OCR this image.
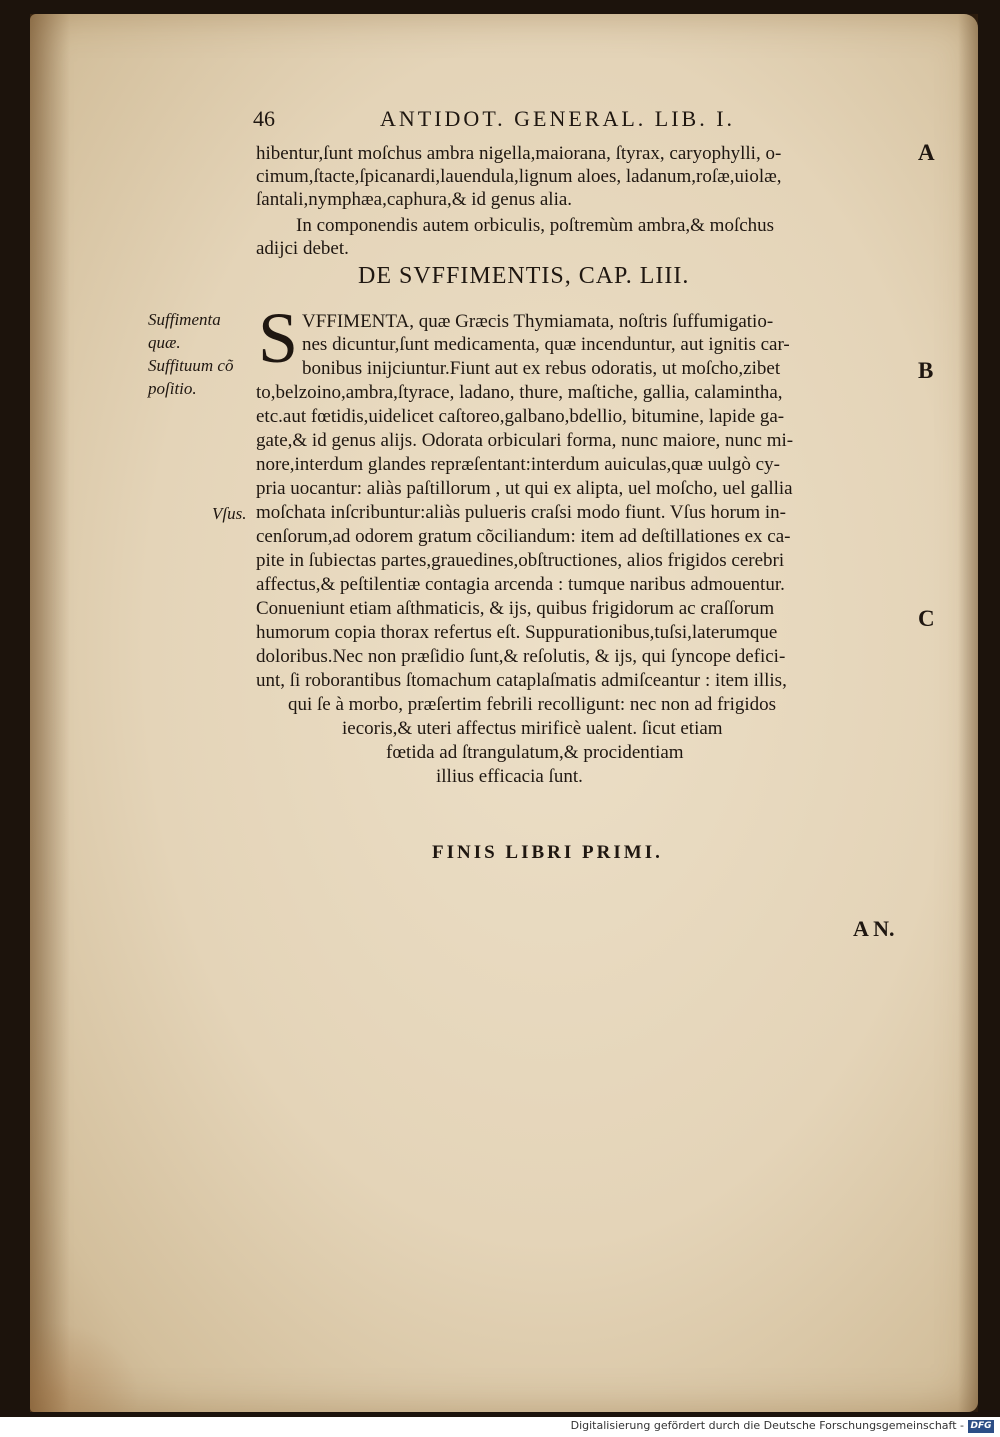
46	ANTIDOT. GENERAL. LIB. I.
A
B
C
hibentur,ſunt moſchus ambra nigella,maiorana, ſtyrax, caryophylli, o-
cimum,ſtacte,ſpicanardi,lauendula,lignum aloes, ladanum,roſæ,uiolæ,
ſantali,nymphæa,caphura,& id genus alia.
In componendis autem orbiculis, poſtremùm ambra,& moſchus
adijci debet.
DE SVFFIMENTIS, CAP. LIII.
Suffimenta
quæ.
Suffituum cõ
poſitio.
Vſus.
S VFFIMENTA, quæ Græcis Thymiamata, noſtris ſuffumigatio-
nes dicuntur,ſunt medicamenta, quæ incenduntur, aut ignitis car-
bonibus inijciuntur.Fiunt aut ex rebus odoratis, ut moſcho,zibet
to,belzoino,ambra,ſtyrace, ladano, thure, maſtiche, gallia, calamintha,
etc.aut fœtidis,uidelicet caſtoreo,galbano,bdellio, bitumine, lapide ga-
gate,& id genus alijs. Odorata orbiculari forma, nunc maiore, nunc mi-
nore,interdum glandes repræſentant:interdum auiculas,quæ uulgò cy-
pria uocantur: aliàs paſtillorum , ut qui ex alipta, uel moſcho, uel gallia
moſchata inſcribuntur:aliàs pulueris craſsi modo fiunt. Vſus horum in-
cenſorum,ad odorem gratum cõciliandum: item ad deſtillationes ex ca-
pite in ſubiectas partes,grauedines,obſtructiones, alios frigidos cerebri
affectus,& peſtilentiæ contagia arcenda : tumque naribus admouentur.
Conueniunt etiam aſthmaticis, & ijs, quibus frigidorum ac craſſorum
humorum copia thorax refertus eſt. Suppurationibus,tuſsi,laterumque
doloribus.Nec non præſidio ſunt,& reſolutis, & ijs, qui ſyncope defici-
unt, ſi roborantibus ſtomachum cataplaſmatis admiſceantur : item illis,
qui ſe à morbo, præſertim febrili recolligunt: nec non ad frigidos
iecoris,& uteri affectus mirificè ualent. ſicut etiam
fœtida ad ſtrangulatum,& procidentiam
illius efficacia ſunt.
FINIS LIBRI PRIMI.
A N.
Digitalisierung gefördert durch die Deutsche Forschungsgemeinschaft - DFG
